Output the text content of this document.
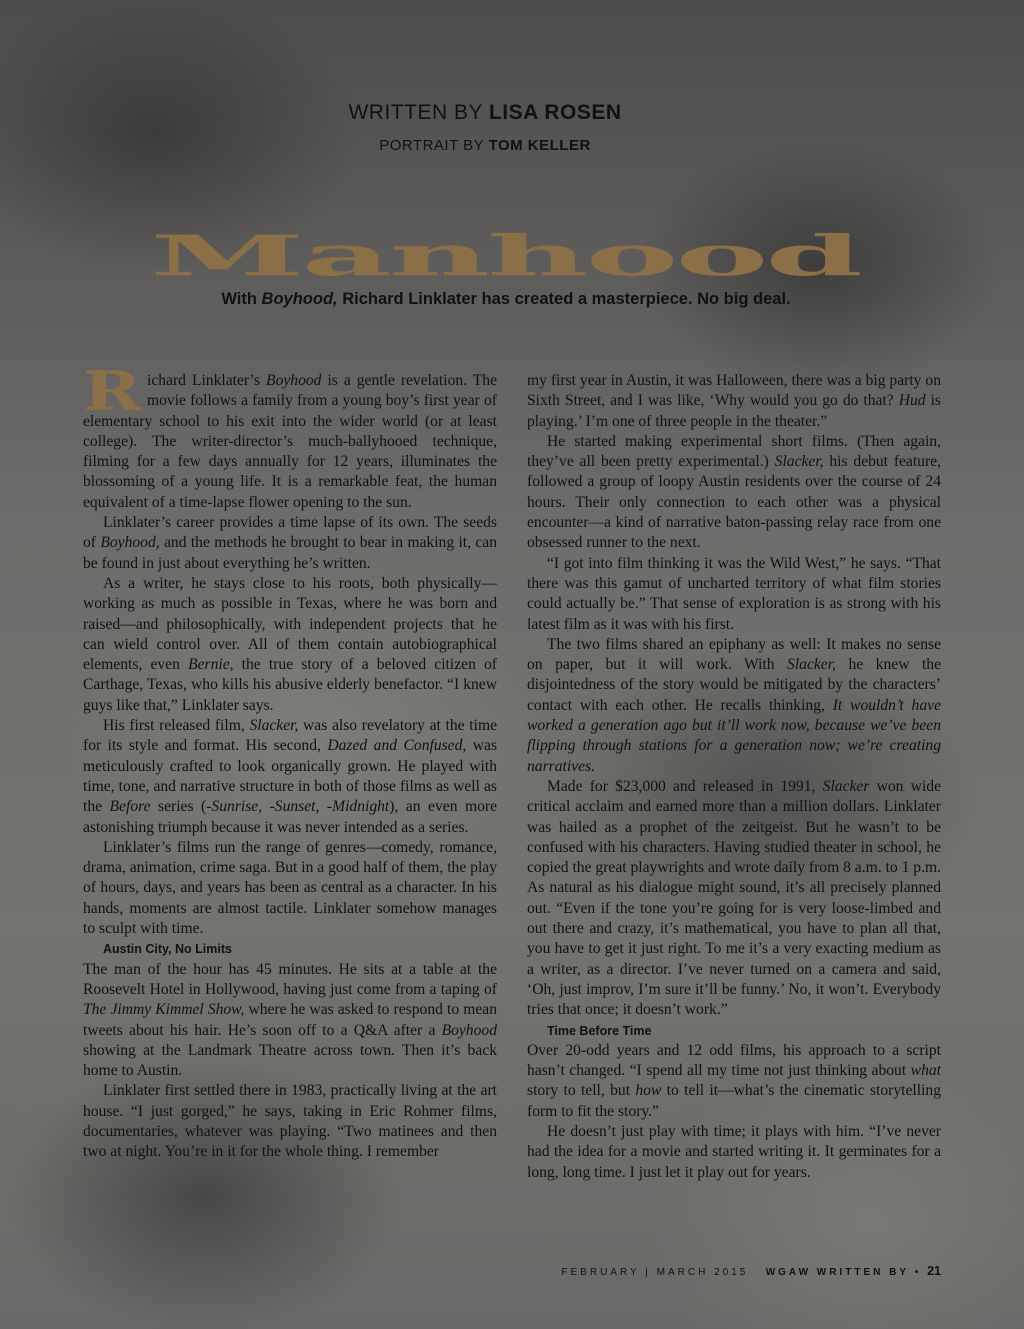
WRITTEN BY LISA ROSEN
PORTRAIT BY TOM KELLER
Manhood
With Boyhood, Richard Linklater has created a masterpiece. No big deal.

Richard Linklater’s Boyhood is a gentle revelation. The movie follows a family from a young boy’s first year of elementary school to his exit into the wider world (or at least college). The writer-director’s much-ballyhooed technique, filming for a few days annually for 12 years, illuminates the blossoming of a young life. It is a remarkable feat, the human equivalent of a time-lapse flower opening to the sun.

Linklater’s career provides a time lapse of its own. The seeds of Boyhood, and the methods he brought to bear in making it, can be found in just about everything he’s written.

As a writer, he stays close to his roots, both physically—working as much as possible in Texas, where he was born and raised—and philosophically, with independent projects that he can wield control over. All of them contain autobiographical elements, even Bernie, the true story of a beloved citizen of Carthage, Texas, who kills his abusive elderly benefactor. “I knew guys like that,” Linklater says.

His first released film, Slacker, was also revelatory at the time for its style and format. His second, Dazed and Confused, was meticulously crafted to look organically grown. He played with time, tone, and narrative structure in both of those films as well as the Before series (-Sunrise, -Sunset, -Midnight), an even more astonishing triumph because it was never intended as a series.

Linklater’s films run the range of genres—comedy, romance, drama, animation, crime saga. But in a good half of them, the play of hours, days, and years has been as central as a character. In his hands, moments are almost tactile. Linklater somehow manages to sculpt with time.

Austin City, No Limits

The man of the hour has 45 minutes. He sits at a table at the Roosevelt Hotel in Hollywood, having just come from a taping of The Jimmy Kimmel Show, where he was asked to respond to mean tweets about his hair. He’s soon off to a Q&A after a Boyhood showing at the Landmark Theatre across town. Then it’s back home to Austin.

Linklater first settled there in 1983, practically living at the art house. “I just gorged,” he says, taking in Eric Rohmer films, documentaries, whatever was playing. “Two matinees and then two at night. You’re in it for the whole thing. I remember

my first year in Austin, it was Halloween, there was a big party on Sixth Street, and I was like, ‘Why would you go do that? Hud is playing.’ I’m one of three people in the theater.”

He started making experimental short films. (Then again, they’ve all been pretty experimental.) Slacker, his debut feature, followed a group of loopy Austin residents over the course of 24 hours. Their only connection to each other was a physical encounter—a kind of narrative baton-passing relay race from one obsessed runner to the next.

“I got into film thinking it was the Wild West,” he says. “That there was this gamut of uncharted territory of what film stories could actually be.” That sense of exploration is as strong with his latest film as it was with his first.

The two films shared an epiphany as well: It makes no sense on paper, but it will work. With Slacker, he knew the disjointedness of the story would be mitigated by the characters’ contact with each other. He recalls thinking, It wouldn’t have worked a generation ago but it’ll work now, because we’ve been flipping through stations for a generation now; we’re creating narratives.

Made for $23,000 and released in 1991, Slacker won wide critical acclaim and earned more than a million dollars. Linklater was hailed as a prophet of the zeitgeist. But he wasn’t to be confused with his characters. Having studied theater in school, he copied the great playwrights and wrote daily from 8 a.m. to 1 p.m. As natural as his dialogue might sound, it’s all precisely planned out. “Even if the tone you’re going for is very loose-limbed and out there and crazy, it’s mathematical, you have to plan all that, you have to get it just right. To me it’s a very exacting medium as a writer, as a director. I’ve never turned on a camera and said, ‘Oh, just improv, I’m sure it’ll be funny.’ No, it won’t. Everybody tries that once; it doesn’t work.”

Time Before Time

Over 20-odd years and 12 odd films, his approach to a script hasn’t changed. “I spend all my time not just thinking about what story to tell, but how to tell it—what’s the cinematic storytelling form to fit the story.”

He doesn’t just play with time; it plays with him. “I’ve never had the idea for a movie and started writing it. It germinates for a long, long time. I just let it play out for years.

FEBRUARY | MARCH 2015 WGAW WRITTEN BY • 21
